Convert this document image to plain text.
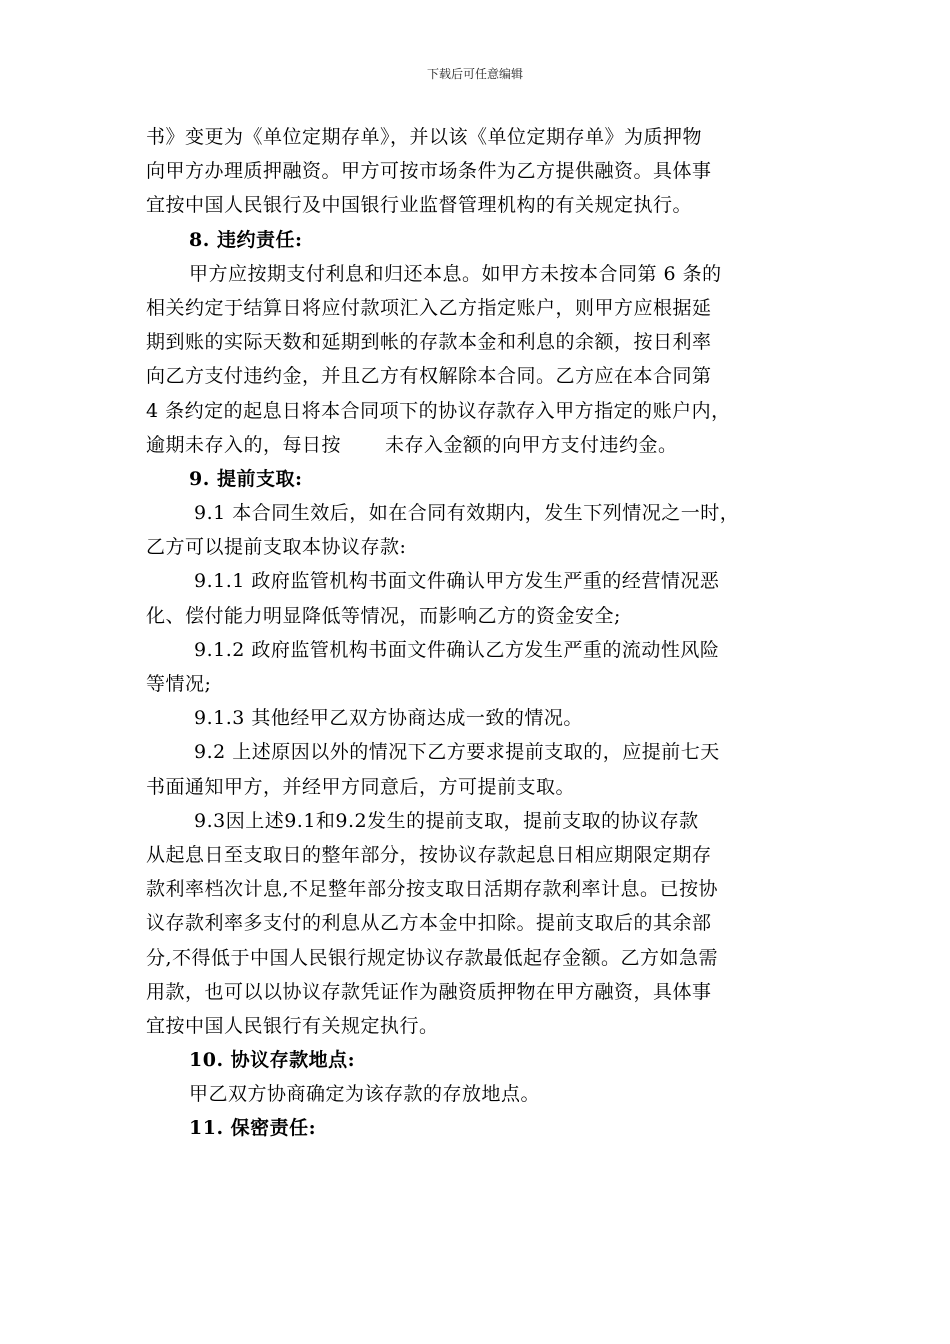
下载后可任意编辑
书》变更为《单位定期存单》，并以该《单位定期存单》为质押物
向甲方办理质押融资。甲方可按市场条件为乙方提供融资。具体事
宜按中国人民银行及中国银行业监督管理机构的有关规定执行。
8. 违约责任:
甲方应按期支付利息和归还本息。如甲方未按本合同第 6 条的
相关约定于结算日将应付款项汇入乙方指定账户，则甲方应根据延
期到账的实际天数和延期到帐的存款本金和利息的余额，按日利率
向乙方支付违约金，并且乙方有权解除本合同。乙方应在本合同第
4 条约定的起息日将本合同项下的协议存款存入甲方指定的账户内，
逾期未存入的，每日按 未存入金额的向甲方支付违约金。
9. 提前支取:
9.1 本合同生效后，如在合同有效期内，发生下列情况之一时，
乙方可以提前支取本协议存款:
9.1.1 政府监管机构书面文件确认甲方发生严重的经营情况恶
化、偿付能力明显降低等情况，而影响乙方的资金安全;
9.1.2 政府监管机构书面文件确认乙方发生严重的流动性风险
等情况;
9.1.3 其他经甲乙双方协商达成一致的情况。
9.2 上述原因以外的情况下乙方要求提前支取的，应提前七天
书面通知甲方，并经甲方同意后，方可提前支取。
9.3因上述9.1和9.2发生的提前支取，提前支取的协议存款
从起息日至支取日的整年部分，按协议存款起息日相应期限定期存
款利率档次计息,不足整年部分按支取日活期存款利率计息。已按协
议存款利率多支付的利息从乙方本金中扣除。提前支取后的其余部
分,不得低于中国人民银行规定协议存款最低起存金额。乙方如急需
用款，也可以以协议存款凭证作为融资质押物在甲方融资，具体事
宜按中国人民银行有关规定执行。
10. 协议存款地点:
甲乙双方协商确定为该存款的存放地点。
11. 保密责任:
